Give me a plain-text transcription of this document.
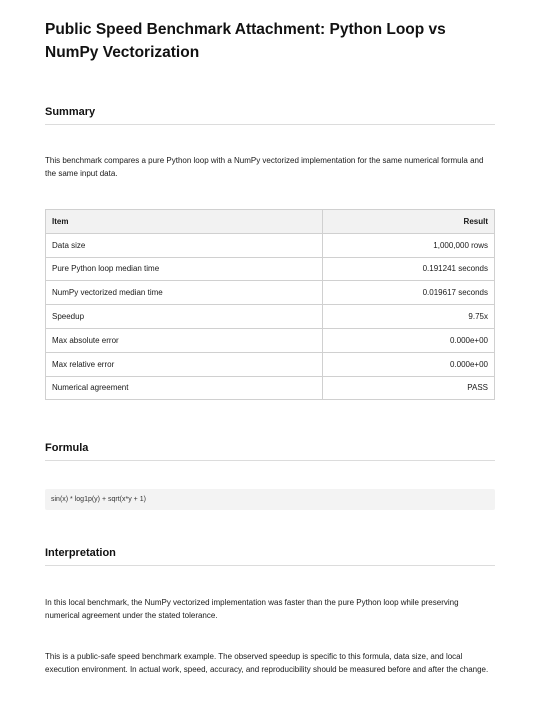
Public Speed Benchmark Attachment: Python Loop vs NumPy Vectorization
Summary

This benchmark compares a pure Python loop with a NumPy vectorized implementation for the same numerical formula and the same input data.

Item	Result
Data size	1,000,000 rows
Pure Python loop median time	0.191241 seconds
NumPy vectorized median time	0.019617 seconds
Speedup	9.75x
Max absolute error	0.000e+00
Max relative error	0.000e+00
Numerical agreement	PASS
Formula
sin(x) * log1p(y) + sqrt(x*y + 1)
Interpretation

In this local benchmark, the NumPy vectorized implementation was faster than the pure Python loop while preserving numerical agreement under the stated tolerance.

This is a public-safe speed benchmark example. The observed speedup is specific to this formula, data size, and local execution environment. In actual work, speed, accuracy, and reproducibility should be measured before and after the change.
